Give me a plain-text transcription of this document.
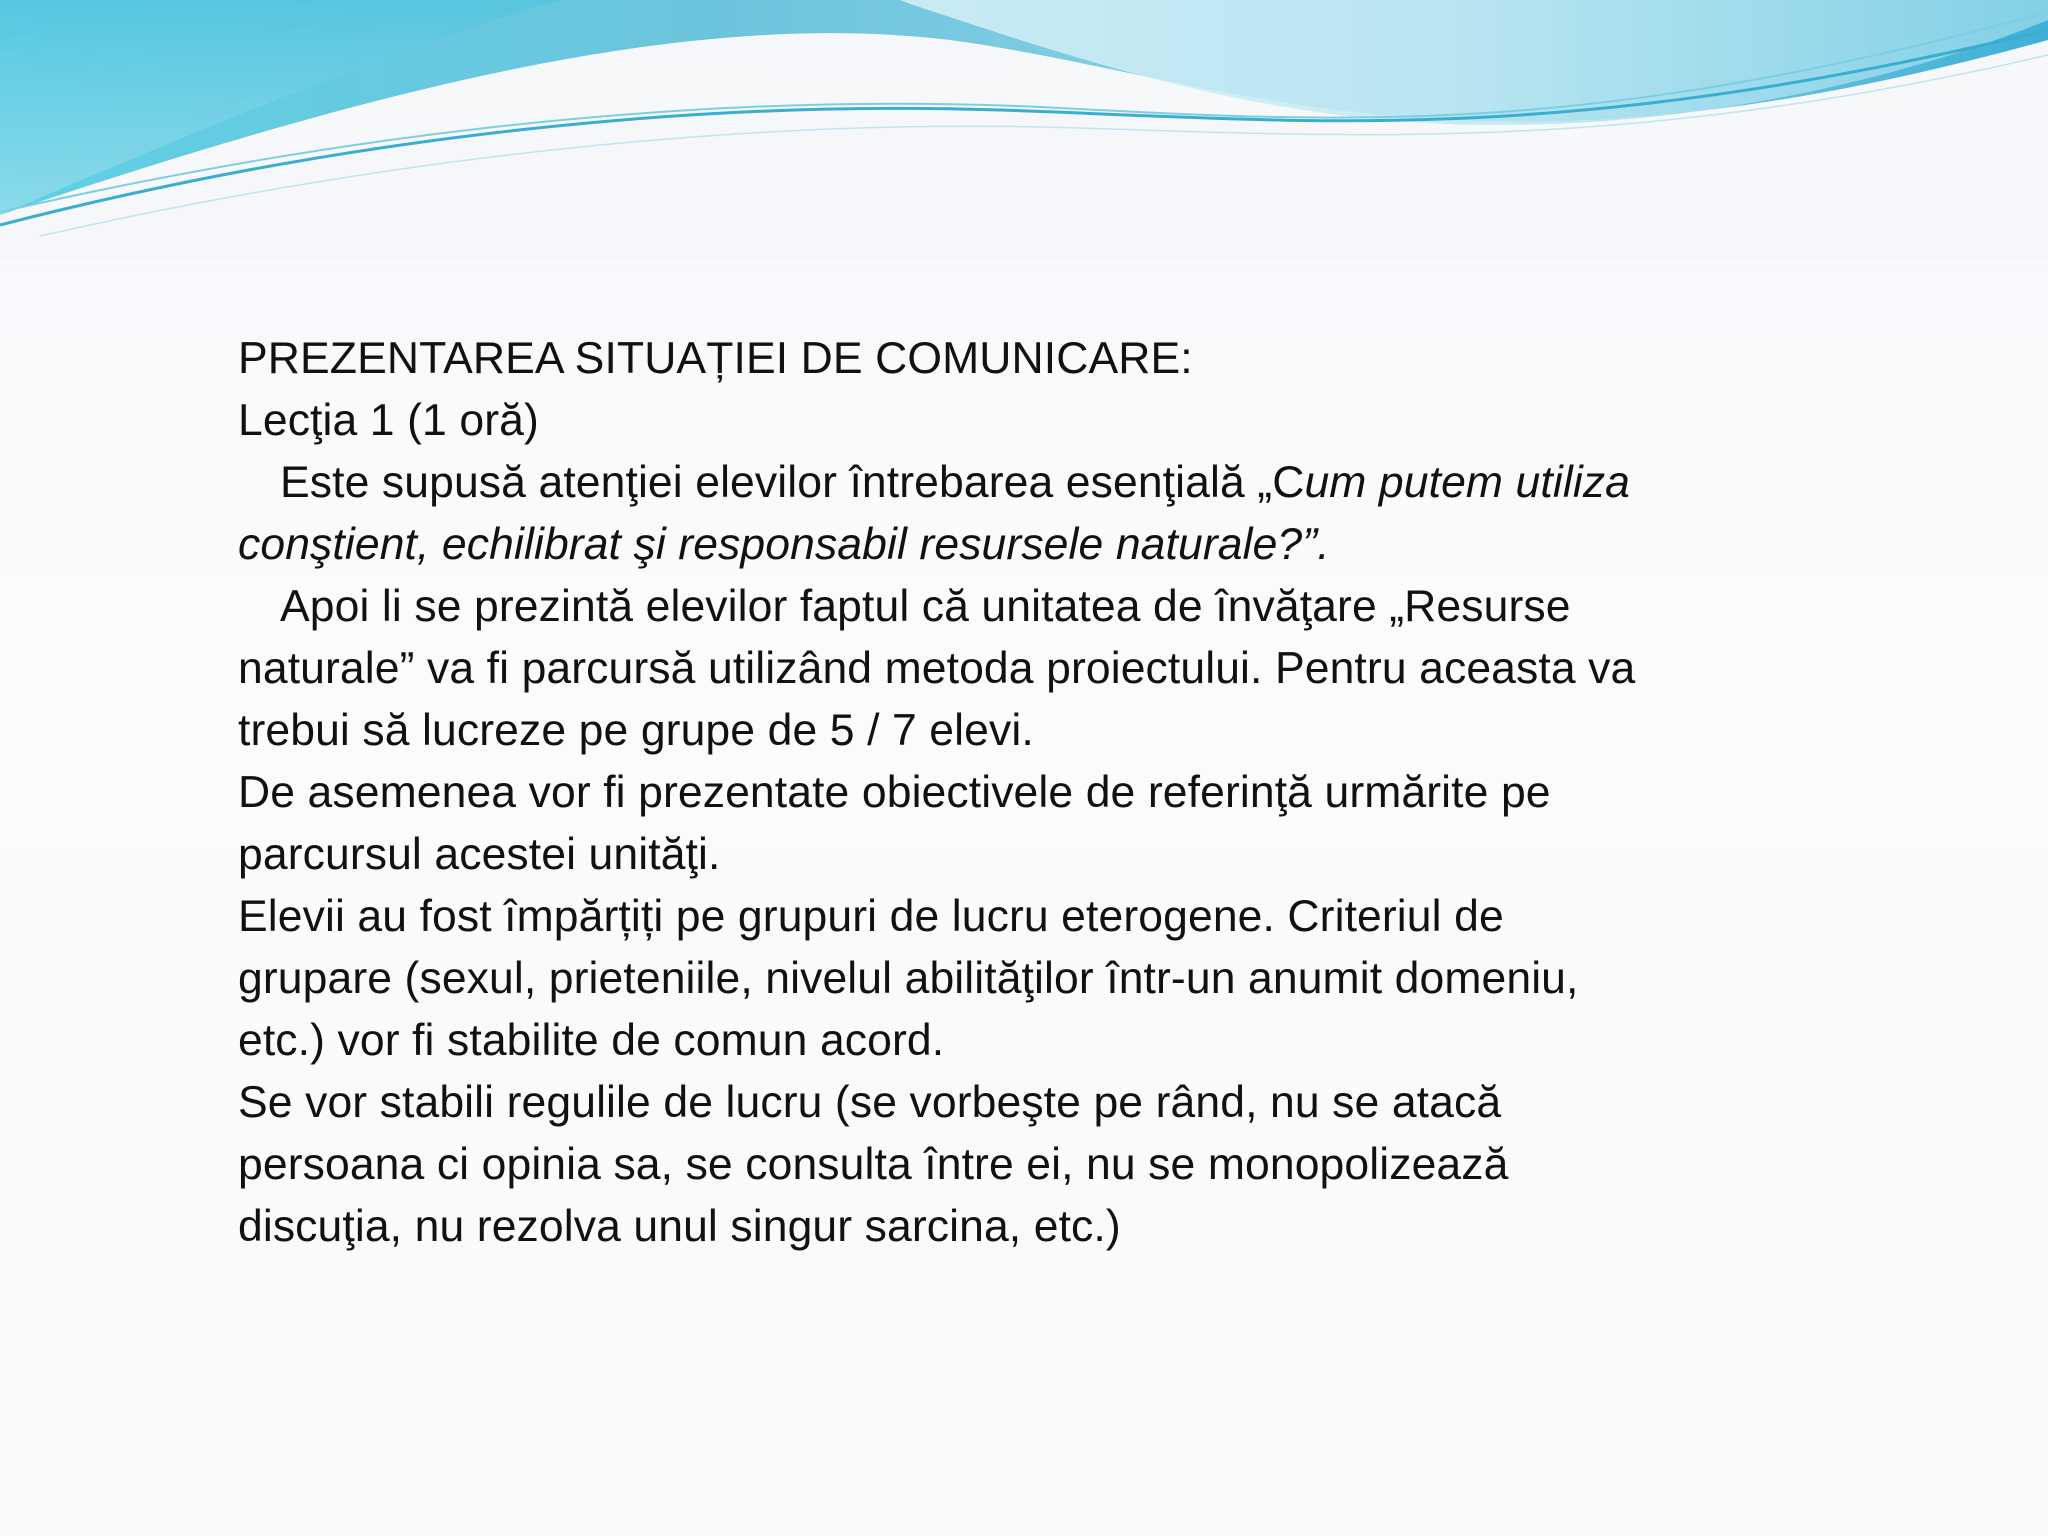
PREZENTAREA SITUAȚIEI DE COMUNICARE:
Lecţia 1 (1 oră)
Este supusă atenţiei elevilor întrebarea esenţială „Cum putem utiliza
conştient, echilibrat şi responsabil resursele naturale?”.
Apoi li se prezintă elevilor faptul că unitatea de învăţare „Resurse
naturale” va fi parcursă utilizând metoda proiectului. Pentru aceasta va
trebui să lucreze pe grupe de 5 / 7 elevi.
De asemenea vor fi prezentate obiectivele de referinţă urmărite pe
parcursul acestei unităţi.
Elevii au fost împărțiți pe grupuri de lucru eterogene. Criteriul de
grupare (sexul, prieteniile, nivelul abilităţilor într-un anumit domeniu,
etc.) vor fi stabilite de comun acord.
Se vor stabili regulile de lucru (se vorbeşte pe rând, nu se atacă
persoana ci opinia sa, se consulta între ei, nu se monopolizează
discuţia, nu rezolva unul singur sarcina, etc.)
